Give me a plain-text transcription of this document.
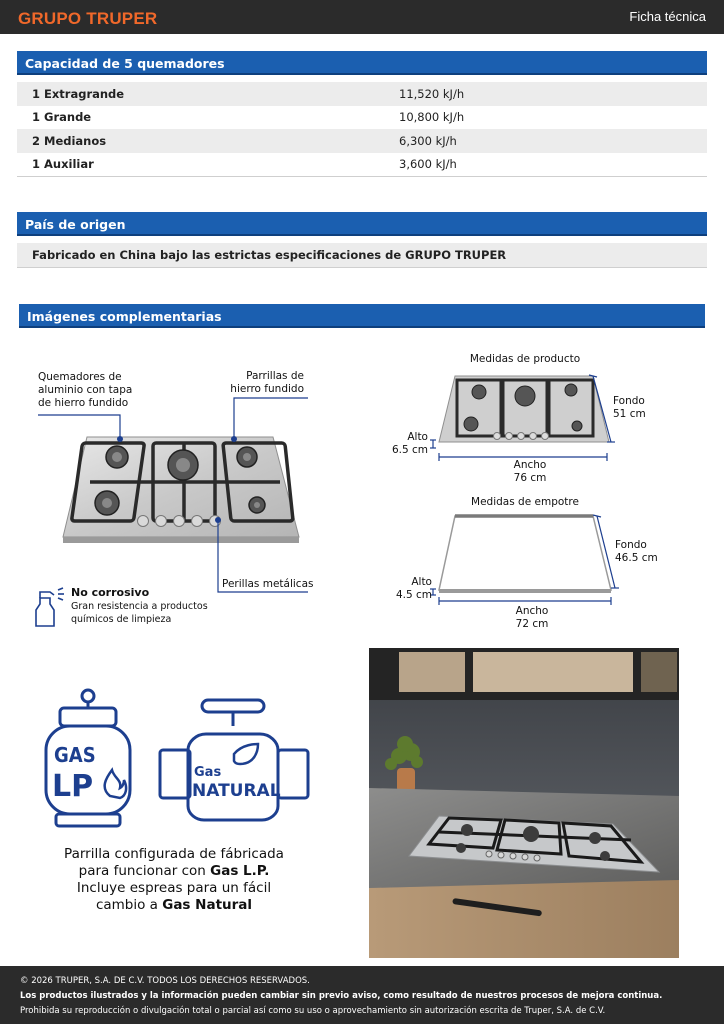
GRUPO TRUPER	Ficha técnica
Capacidad de 5 quemadores
1 Extragrande	11,520 kJ/h
1 Grande	10,800 kJ/h
2 Medianos	6,300 kJ/h
1 Auxiliar	3,600 kJ/h
País de origen
Fabricado en China bajo las estrictas especificaciones de GRUPO TRUPER
Imágenes complementarias
Quemadores de
aluminio con tapa
de hierro fundido
Parrillas de
hierro fundido
Perillas metálicas
No corrosivo
Gran resistencia a productos
químicos de limpieza
Medidas de producto
Fondo
51 cm
Alto
6.5 cm
Ancho
76 cm
Medidas de empotre
Fondo
46.5 cm
Alto
4.5 cm
Ancho
72 cm
GAS
LP	Gas
NATURAL
Parrilla configurada de fábricada
para funcionar con Gas L.P.
Incluye espreas para un fácil
cambio a Gas Natural
© 2026 TRUPER, S.A. DE C.V. TODOS LOS DERECHOS RESERVADOS.
Los productos ilustrados y la información pueden cambiar sin previo aviso, como resultado de nuestros procesos de mejora continua.
Prohibida su reproducción o divulgación total o parcial así como su uso o aprovechamiento sin autorización escrita de Truper, S.A. de C.V.
